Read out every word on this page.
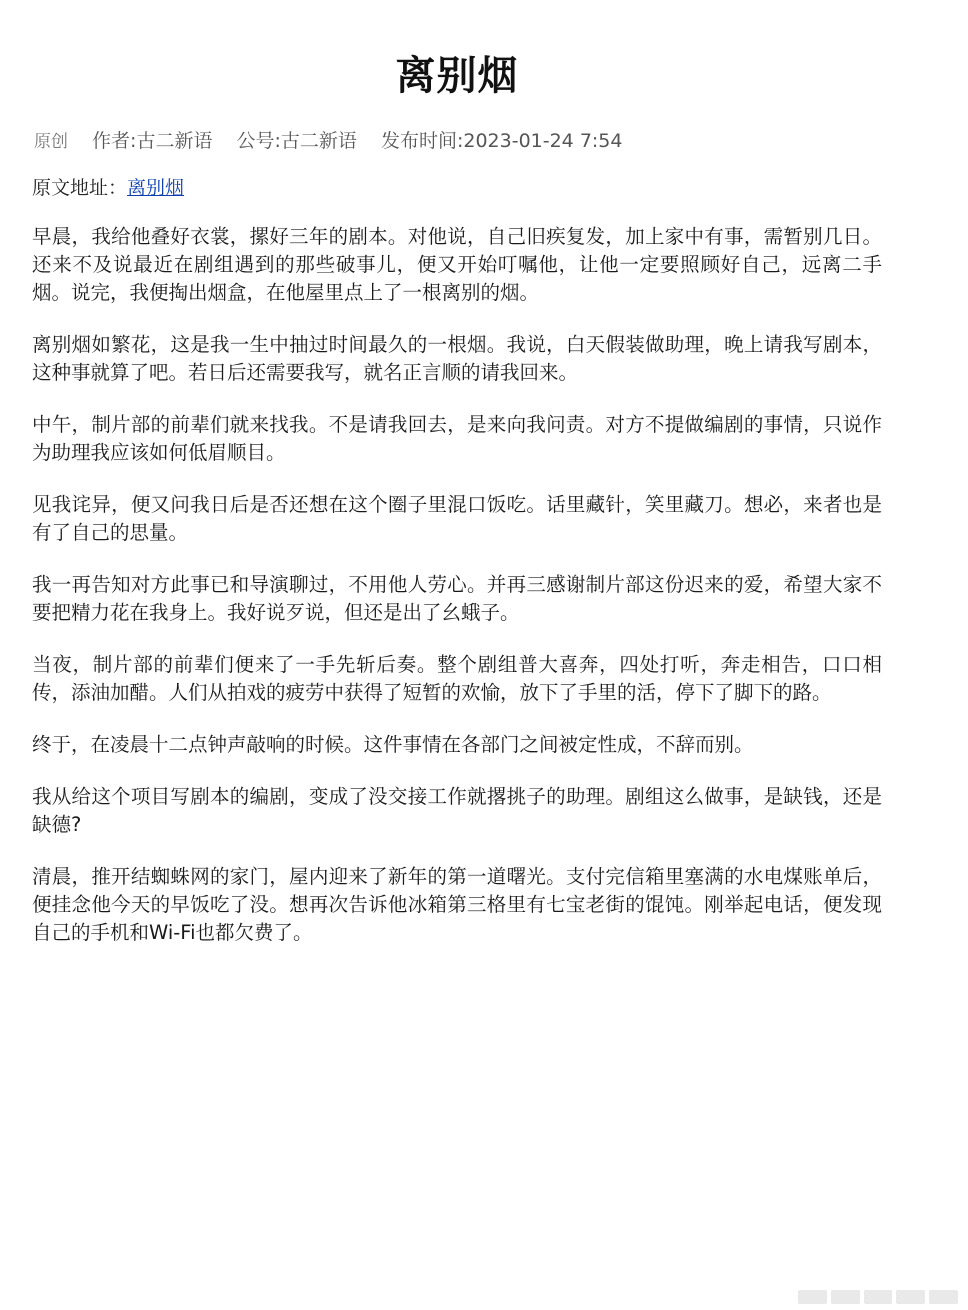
离别烟
原创 作者:古二新语 公号:古二新语 发布时间:2023-01-24 7:54
原文地址：离别烟

早晨，我给他叠好衣裳，摞好三年的剧本。对他说，自己旧疾复发，加上家中有事，需暂别几日。还来不及说最近在剧组遇到的那些破事儿，便又开始叮嘱他，让他一定要照顾好自己，远离二手烟。说完，我便掏出烟盒，在他屋里点上了一根离别的烟。

离别烟如繁花，这是我一生中抽过时间最久的一根烟。我说，白天假装做助理，晚上请我写剧本，这种事就算了吧。若日后还需要我写，就名正言顺的请我回来。

中午，制片部的前辈们就来找我。不是请我回去，是来向我问责。对方不提做编剧的事情，只说作为助理我应该如何低眉顺目。

见我诧异，便又问我日后是否还想在这个圈子里混口饭吃。话里藏针，笑里藏刀。想必，来者也是有了自己的思量。

我一再告知对方此事已和导演聊过，不用他人劳心。并再三感谢制片部这份迟来的爱，希望大家不要把精力花在我身上。我好说歹说，但还是出了幺蛾子。

当夜，制片部的前辈们便来了一手先斩后奏。整个剧组普大喜奔，四处打听，奔走相告，口口相传，添油加醋。人们从拍戏的疲劳中获得了短暂的欢愉，放下了手里的活，停下了脚下的路。

终于，在凌晨十二点钟声敲响的时候。这件事情在各部门之间被定性成，不辞而别。

我从给这个项目写剧本的编剧，变成了没交接工作就撂挑子的助理。剧组这么做事，是缺钱，还是缺德?

清晨，推开结蜘蛛网的家门，屋内迎来了新年的第一道曙光。支付完信箱里塞满的水电煤账单后，便挂念他今天的早饭吃了没。想再次告诉他冰箱第三格里有七宝老街的馄饨。刚举起电话，便发现自己的手机和Wi-Fi也都欠费了。
